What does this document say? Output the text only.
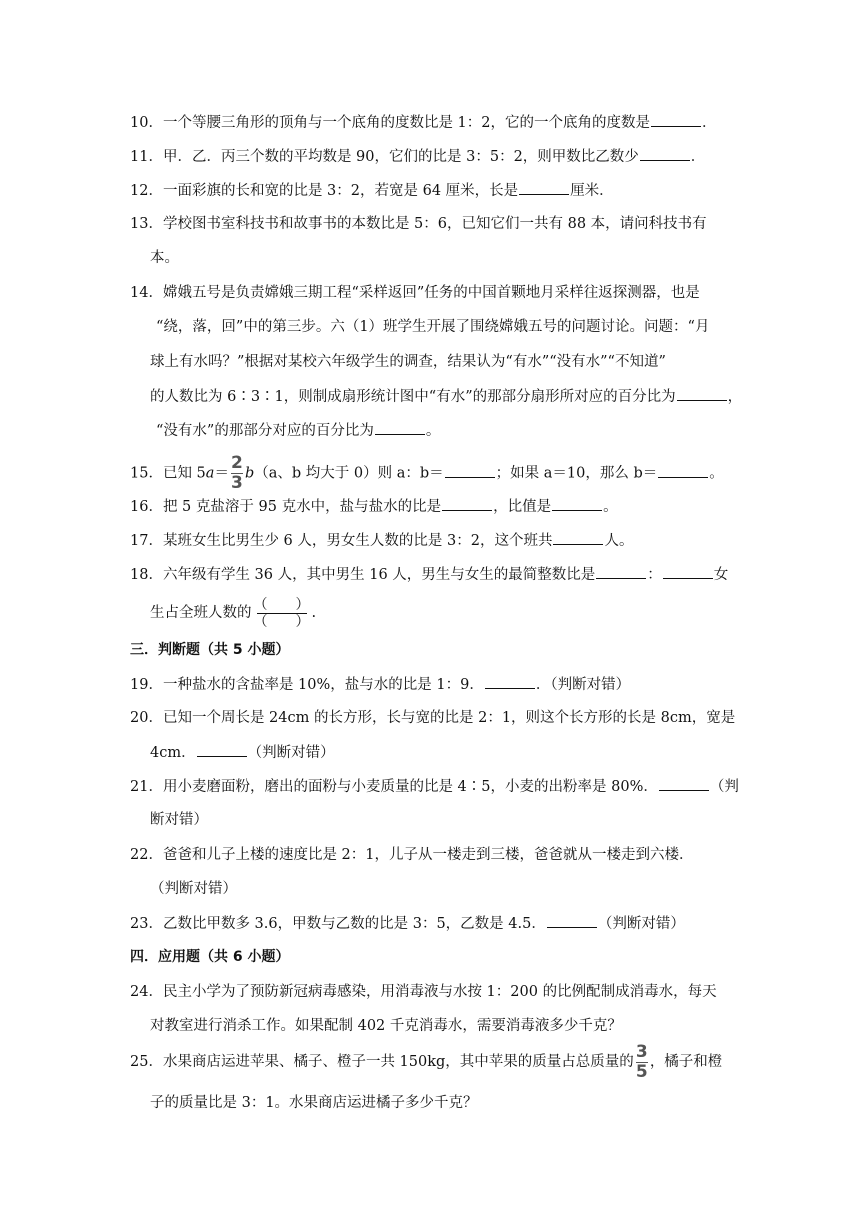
10．一个等腰三角形的顶角与一个底角的度数比是 1：2，它的一个底角的度数是	．
11．甲．乙．丙三个数的平均数是 90，它们的比是 3：5：2，则甲数比乙数少	．
12．一面彩旗的长和宽的比是 3：2，若宽是 64 厘米，长是	厘米．
13．学校图书室科技书和故事书的本数比是 5：6，已知它们一共有 88 本，请问科技书有
本。
14．嫦娥五号是负责嫦娥三期工程“采样返回”任务的中国首颗地月采样往返探测器，也是
“绕，落，回”中的第三步。六（1）班学生开展了围绕嫦娥五号的问题讨论。问题：“月
球上有水吗？”根据对某校六年级学生的调查，结果认为“有水”“没有水”“不知道”
的人数比为 6∶3∶1，则制成扇形统计图中“有水”的那部分扇形所对应的百分比为	，
“没有水”的那部分对应的百分比为	。
15．已知 $5a= \frac{2}{3} b(a$、b 均大于 0）则 a：b＝	；如果 a＝10，那么 b＝	。
16．把 5 克盐溶于 95 克水中，盐与盐水的比是	，比值是	。
17．某班女生比男生少 6 人，男女生人数的比是 3：2，这个班共	人。
18．六年级有学生 36 人，其中男生 16 人，男生与女生的最简整数比是	：	女
生占全班人数的
（　　）
（　　）
.
三．判断题（共 5 小题）
19．一种盐水的含盐率是 10%，盐与水的比是 1：9．	．（判断对错）
20．已知一个周长是 24cm 的长方形，长与宽的比是 2：1，则这个长方形的长是 8cm，宽是
4cm．	（判断对错）
21．用小麦磨面粉，磨出的面粉与小麦质量的比是 4∶5，小麦的出粉率是 80%．	（判
断对错）
22．爸爸和儿子上楼的速度比是 2：1，儿子从一楼走到三楼，爸爸就从一楼走到六楼．
（判断对错）
23．乙数比甲数多 3.6，甲数与乙数的比是 3：5，乙数是 4.5．	（判断对错）
四．应用题（共 6 小题）
24．民主小学为了预防新冠病毒感染，用消毒液与水按 1：200 的比例配制成消毒水，每天
对教室进行消杀工作。如果配制 402 千克消毒水，需要消毒液多少千克？
25．水果商店运进苹果、橘子、橙子一共 150kg，其中苹果的质量占总质量的 $\frac{3}{5}$ ，橘子和橙
子的质量比是 3：1。水果商店运进橘子多少千克？
